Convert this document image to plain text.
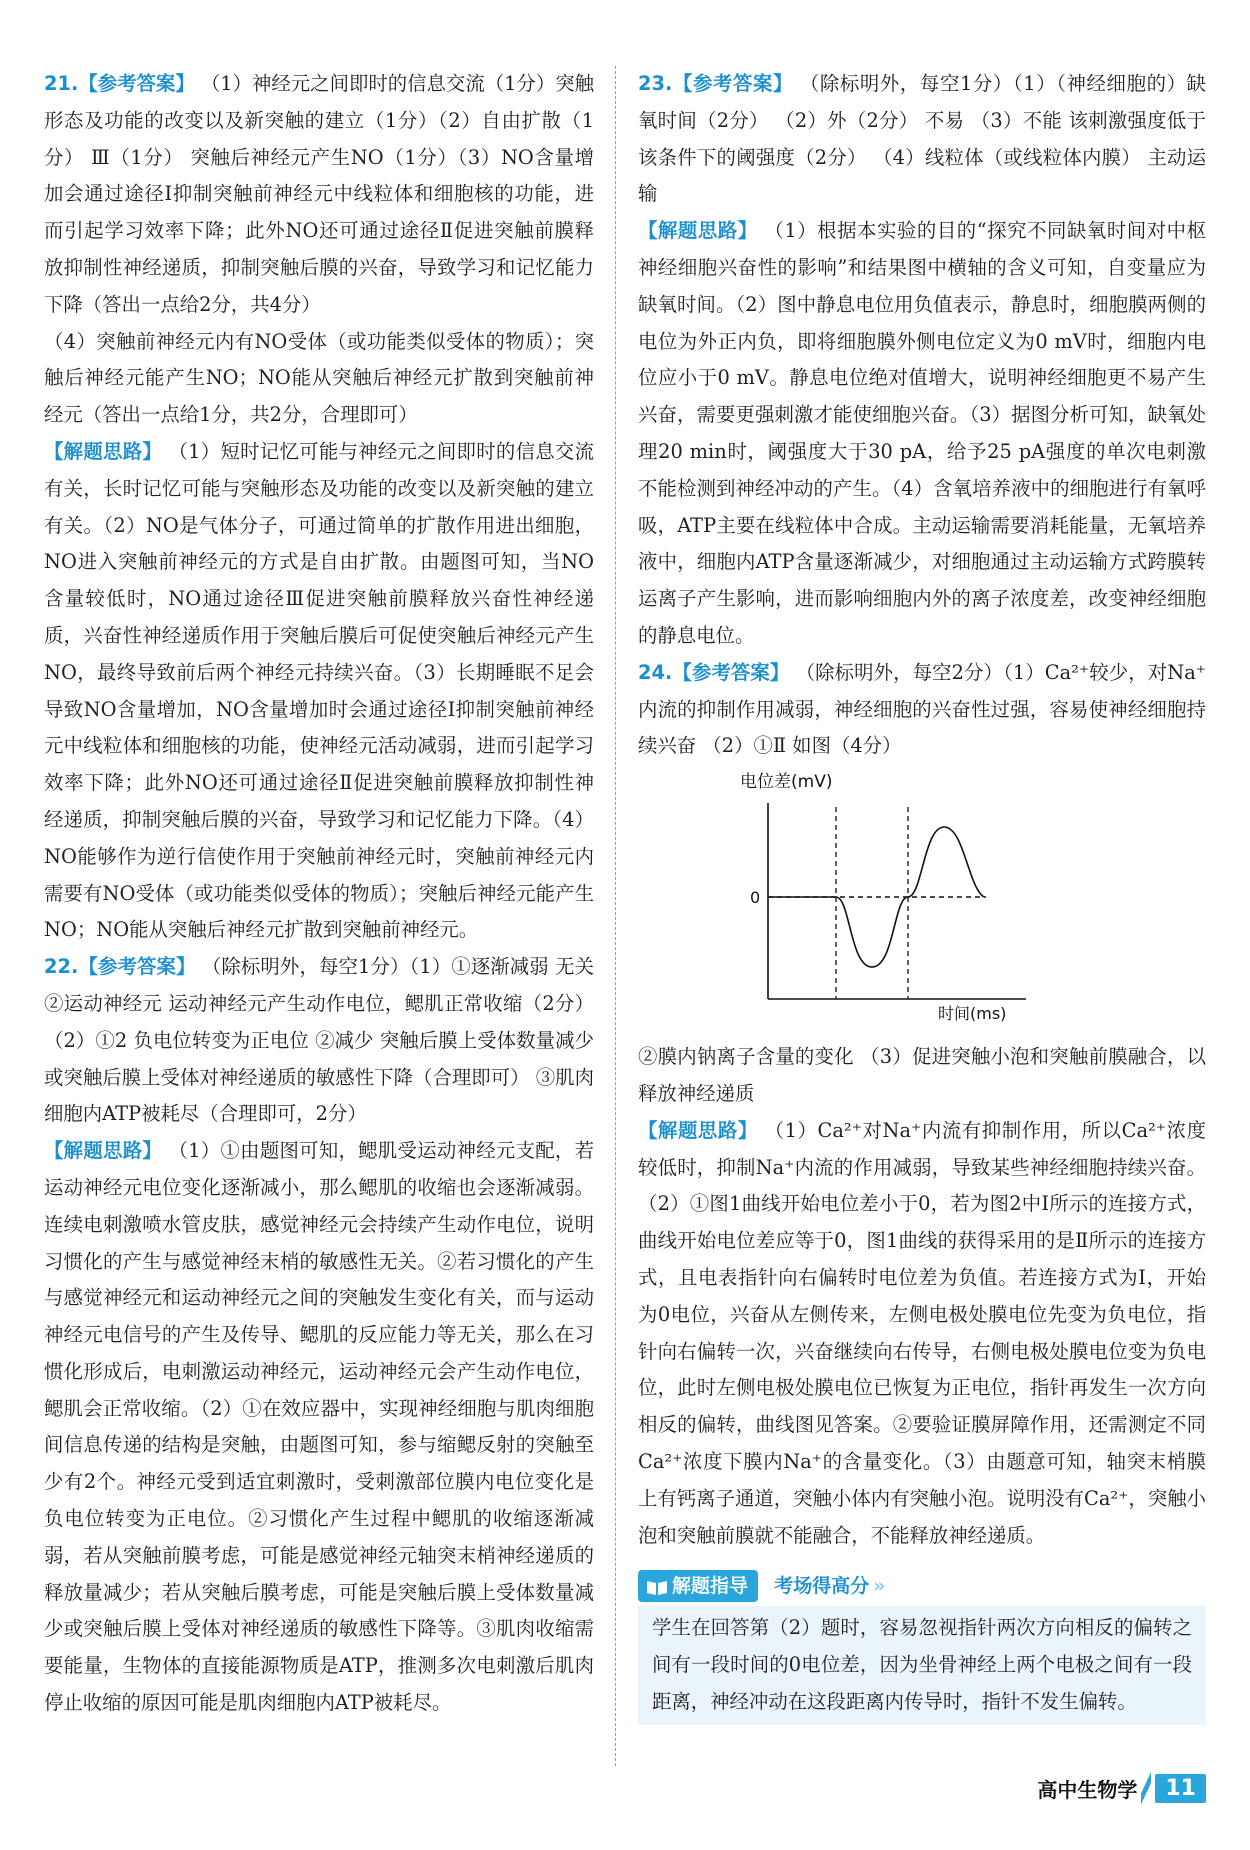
21.【参考答案】 （1）神经元之间即时的信息交流（1分）突触形态及功能的改变以及新突触的建立（1分）（2）自由扩散（1分） Ⅲ（1分） 突触后神经元产生NO（1分）（3）NO含量增加会通过途径Ⅰ抑制突触前神经元中线粒体和细胞核的功能，进而引起学习效率下降；此外NO还可通过途径Ⅱ促进突触前膜释放抑制性神经递质，抑制突触后膜的兴奋，导致学习和记忆能力下降（答出一点给2分，共4分）
（4）突触前神经元内有NO受体（或功能类似受体的物质）；突触后神经元能产生NO；NO能从突触后神经元扩散到突触前神经元（答出一点给1分，共2分，合理即可）
【解题思路】 （1）短时记忆可能与神经元之间即时的信息交流有关，长时记忆可能与突触形态及功能的改变以及新突触的建立有关。（2）NO是气体分子，可通过简单的扩散作用进出细胞，NO进入突触前神经元的方式是自由扩散。由题图可知，当NO含量较低时，NO通过途径Ⅲ促进突触前膜释放兴奋性神经递质，兴奋性神经递质作用于突触后膜后可促使突触后神经元产生NO，最终导致前后两个神经元持续兴奋。（3）长期睡眠不足会导致NO含量增加，NO含量增加时会通过途径Ⅰ抑制突触前神经元中线粒体和细胞核的功能，使神经元活动减弱，进而引起学习效率下降；此外NO还可通过途径Ⅱ促进突触前膜释放抑制性神经递质，抑制突触后膜的兴奋，导致学习和记忆能力下降。（4）NO能够作为逆行信使作用于突触前神经元时，突触前神经元内需要有NO受体（或功能类似受体的物质）；突触后神经元能产生NO；NO能从突触后神经元扩散到突触前神经元。
22.【参考答案】 （除标明外，每空1分）（1）①逐渐减弱 无关 ②运动神经元 运动神经元产生动作电位，鳃肌正常收缩（2分） （2）①2 负电位转变为正电位 ②减少 突触后膜上受体数量减少或突触后膜上受体对神经递质的敏感性下降（合理即可） ③肌肉细胞内ATP被耗尽（合理即可，2分）
【解题思路】 （1）①由题图可知，鳃肌受运动神经元支配，若运动神经元电位变化逐渐减小，那么鳃肌的收缩也会逐渐减弱。连续电刺激喷水管皮肤，感觉神经元会持续产生动作电位，说明习惯化的产生与感觉神经末梢的敏感性无关。②若习惯化的产生与感觉神经元和运动神经元之间的突触发生变化有关，而与运动神经元电信号的产生及传导、鳃肌的反应能力等无关，那么在习惯化形成后，电刺激运动神经元，运动神经元会产生动作电位，鳃肌会正常收缩。（2）①在效应器中，实现神经细胞与肌肉细胞间信息传递的结构是突触，由题图可知，参与缩鳃反射的突触至少有2个。神经元受到适宜刺激时，受刺激部位膜内电位变化是负电位转变为正电位。②习惯化产生过程中鳃肌的收缩逐渐减弱，若从突触前膜考虑，可能是感觉神经元轴突末梢神经递质的释放量减少；若从突触后膜考虑，可能是突触后膜上受体数量减少或突触后膜上受体对神经递质的敏感性下降等。③肌肉收缩需要能量，生物体的直接能源物质是ATP，推测多次电刺激后肌肉停止收缩的原因可能是肌肉细胞内ATP被耗尽。
23.【参考答案】 （除标明外，每空1分）（1）（神经细胞的）缺氧时间（2分） （2）外（2分） 不易 （3）不能 该刺激强度低于该条件下的阈强度（2分） （4）线粒体（或线粒体内膜） 主动运输
【解题思路】 （1）根据本实验的目的“探究不同缺氧时间对中枢神经细胞兴奋性的影响”和结果图中横轴的含义可知，自变量应为缺氧时间。（2）图中静息电位用负值表示，静息时，细胞膜两侧的电位为外正内负，即将细胞膜外侧电位定义为0 mV时，细胞内电位应小于0 mV。静息电位绝对值增大，说明神经细胞更不易产生兴奋，需要更强刺激才能使细胞兴奋。（3）据图分析可知，缺氧处理20 min时，阈强度大于30 pA，给予25 pA强度的单次电刺激不能检测到神经冲动的产生。（4）含氧培养液中的细胞进行有氧呼吸，ATP主要在线粒体中合成。主动运输需要消耗能量，无氧培养液中，细胞内ATP含量逐渐减少，对细胞通过主动运输方式跨膜转运离子产生影响，进而影响细胞内外的离子浓度差，改变神经细胞的静息电位。
24.【参考答案】 （除标明外，每空2分）（1）Ca²⁺较少，对Na⁺内流的抑制作用减弱，神经细胞的兴奋性过强，容易使神经细胞持续兴奋 （2）①Ⅱ 如图（4分）
电位差(mV)
0
时间(ms)
②膜内钠离子含量的变化 （3）促进突触小泡和突触前膜融合，以释放神经递质
【解题思路】 （1）Ca²⁺对Na⁺内流有抑制作用，所以Ca²⁺浓度较低时，抑制Na⁺内流的作用减弱，导致某些神经细胞持续兴奋。（2）①图1曲线开始电位差小于0，若为图2中Ⅰ所示的连接方式，曲线开始电位差应等于0，图1曲线的获得采用的是Ⅱ所示的连接方式，且电表指针向右偏转时电位差为负值。若连接方式为Ⅰ，开始为0电位，兴奋从左侧传来，左侧电极处膜电位先变为负电位，指针向右偏转一次，兴奋继续向右传导，右侧电极处膜电位变为负电位，此时左侧电极处膜电位已恢复为正电位，指针再发生一次方向相反的偏转，曲线图见答案。②要验证膜屏障作用，还需测定不同Ca²⁺浓度下膜内Na⁺的含量变化。（3）由题意可知，轴突末梢膜上有钙离子通道，突触小体内有突触小泡。说明没有Ca²⁺，突触小泡和突触前膜就不能融合，不能释放神经递质。
解题指导 考场得高分 »
学生在回答第（2）题时，容易忽视指针两次方向相反的偏转之间有一段时间的0电位差，因为坐骨神经上两个电极之间有一段距离，神经冲动在这段距离内传导时，指针不发生偏转。
高中生物学	11
